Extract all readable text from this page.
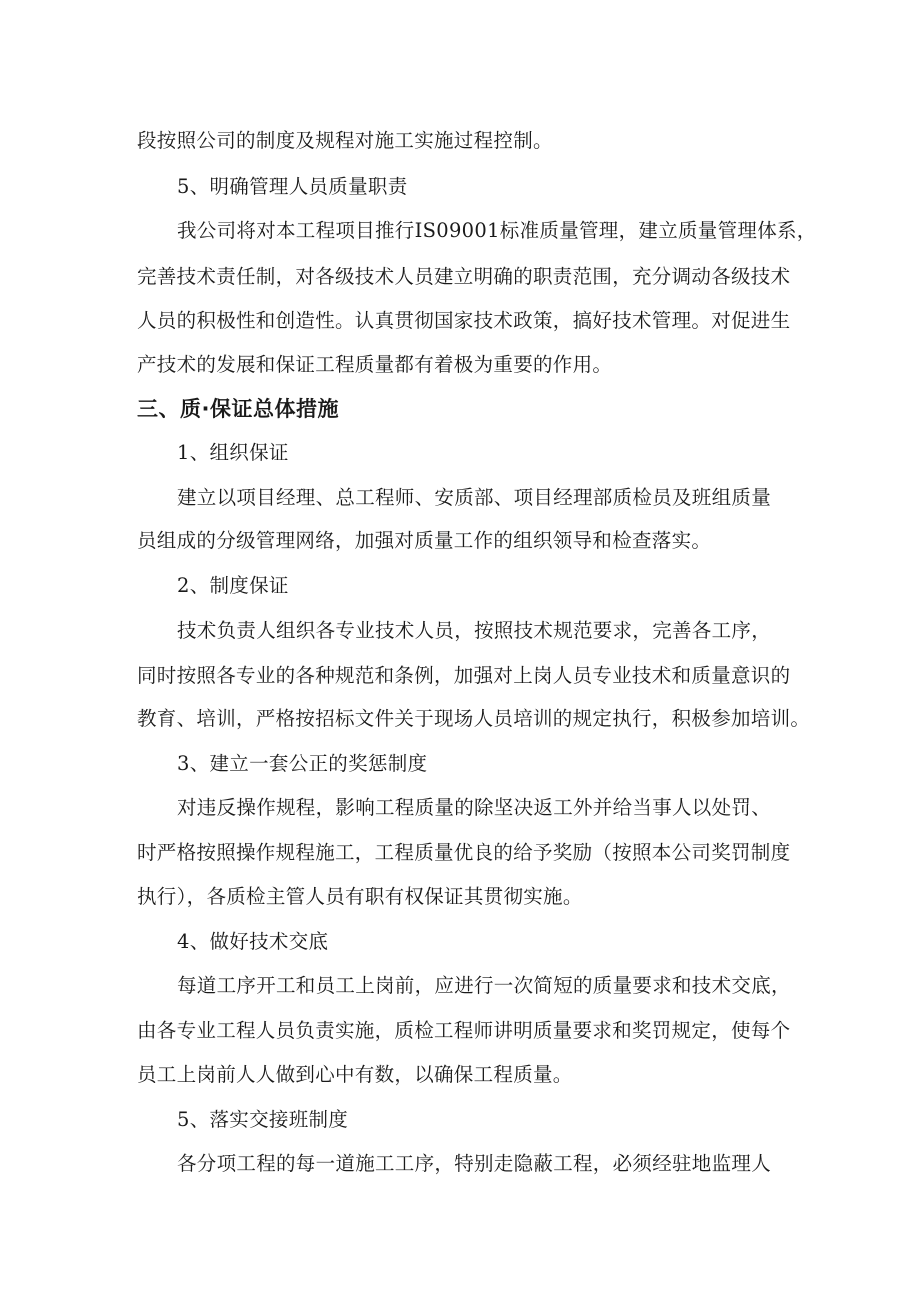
段按照公司的制度及规程对施工实施过程控制。
5、明确管理人员质量职责
我公司将对本工程项目推行IS09001标准质量管理，建立质量管理体系，
完善技术责任制，对各级技术人员建立明确的职责范围，充分调动各级技术
人员的积极性和创造性。认真贯彻国家技术政策，搞好技术管理。对促进生
产技术的发展和保证工程质量都有着极为重要的作用。
三、质·保证总体措施
1、组织保证
建立以项目经理、总工程师、安质部、项目经理部质检员及班组质量
员组成的分级管理网络，加强对质量工作的组织领导和检查落实。
2、制度保证
技术负责人组织各专业技术人员，按照技术规范要求，完善各工序，
同时按照各专业的各种规范和条例，加强对上岗人员专业技术和质量意识的
教育、培训，严格按招标文件关于现场人员培训的规定执行，积极参加培训。
3、建立一套公正的奖惩制度
对违反操作规程，影响工程质量的除坚决返工外并给当事人以处罚、
时严格按照操作规程施工，工程质量优良的给予奖励（按照本公司奖罚制度
执行），各质检主管人员有职有权保证其贯彻实施。
4、做好技术交底
每道工序开工和员工上岗前，应进行一次简短的质量要求和技术交底，
由各专业工程人员负责实施，质检工程师讲明质量要求和奖罚规定，使每个
员工上岗前人人做到心中有数，以确保工程质量。
5、落实交接班制度
各分项工程的每一道施工工序，特别走隐蔽工程，必须经驻地监理人
